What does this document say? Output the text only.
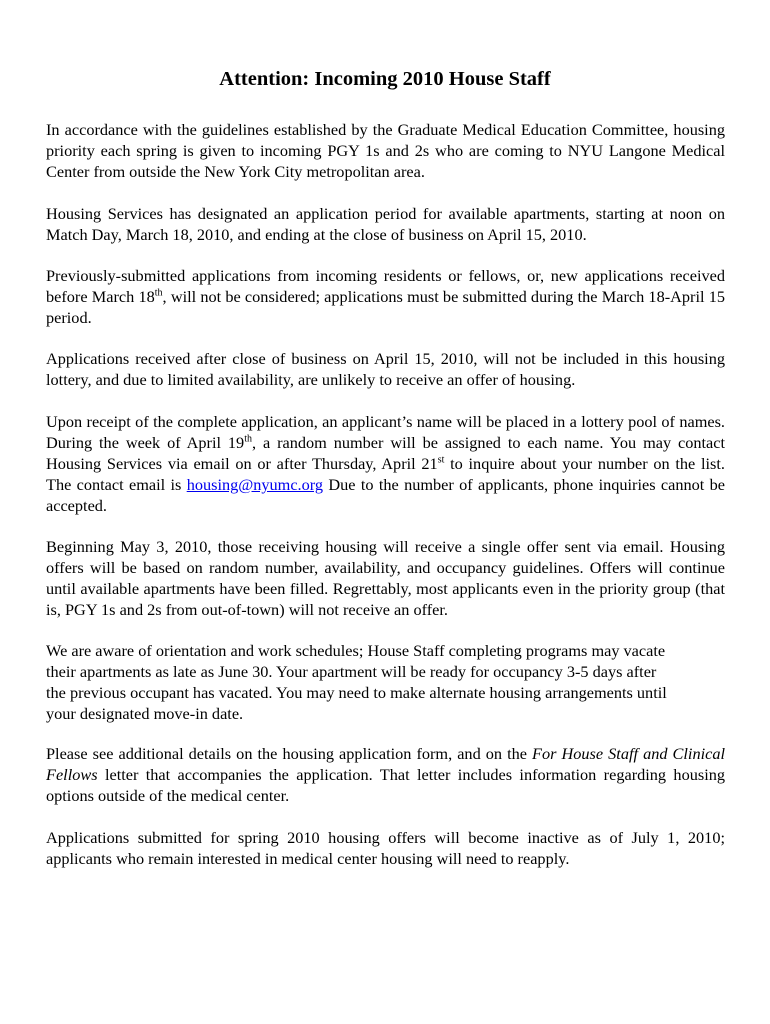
Attention: Incoming 2010 House Staff

In accordance with the guidelines established by the Graduate Medical Education Committee, housing priority each spring is given to incoming PGY 1s and 2s who are coming to NYU Langone Medical Center from outside the New York City metropolitan area.

Housing Services has designated an application period for available apartments, starting at noon on Match Day, March 18, 2010, and ending at the close of business on April 15, 2010.

Previously-submitted applications from incoming residents or fellows, or, new applications received before March 18th, will not be considered; applications must be submitted during the March 18-April 15 period.

Applications received after close of business on April 15, 2010, will not be included in this housing lottery, and due to limited availability, are unlikely to receive an offer of housing.

Upon receipt of the complete application, an applicant’s name will be placed in a lottery pool of names. During the week of April 19th, a random number will be assigned to each name. You may contact Housing Services via email on or after Thursday, April 21st to inquire about your number on the list. The contact email is housing@nyumc.org Due to the number of applicants, phone inquiries cannot be accepted.

Beginning May 3, 2010, those receiving housing will receive a single offer sent via email. Housing offers will be based on random number, availability, and occupancy guidelines. Offers will continue until available apartments have been filled. Regrettably, most applicants even in the priority group (that is, PGY 1s and 2s from out-of-town) will not receive an offer.

We are aware of orientation and work schedules; House Staff completing programs may vacate
their apartments as late as June 30. Your apartment will be ready for occupancy 3-5 days after
the previous occupant has vacated. You may need to make alternate housing arrangements until
your designated move-in date.

Please see additional details on the housing application form, and on the For House Staff and Clinical Fellows letter that accompanies the application. That letter includes information regarding housing options outside of the medical center.

Applications submitted for spring 2010 housing offers will become inactive as of July 1, 2010; applicants who remain interested in medical center housing will need to reapply.
